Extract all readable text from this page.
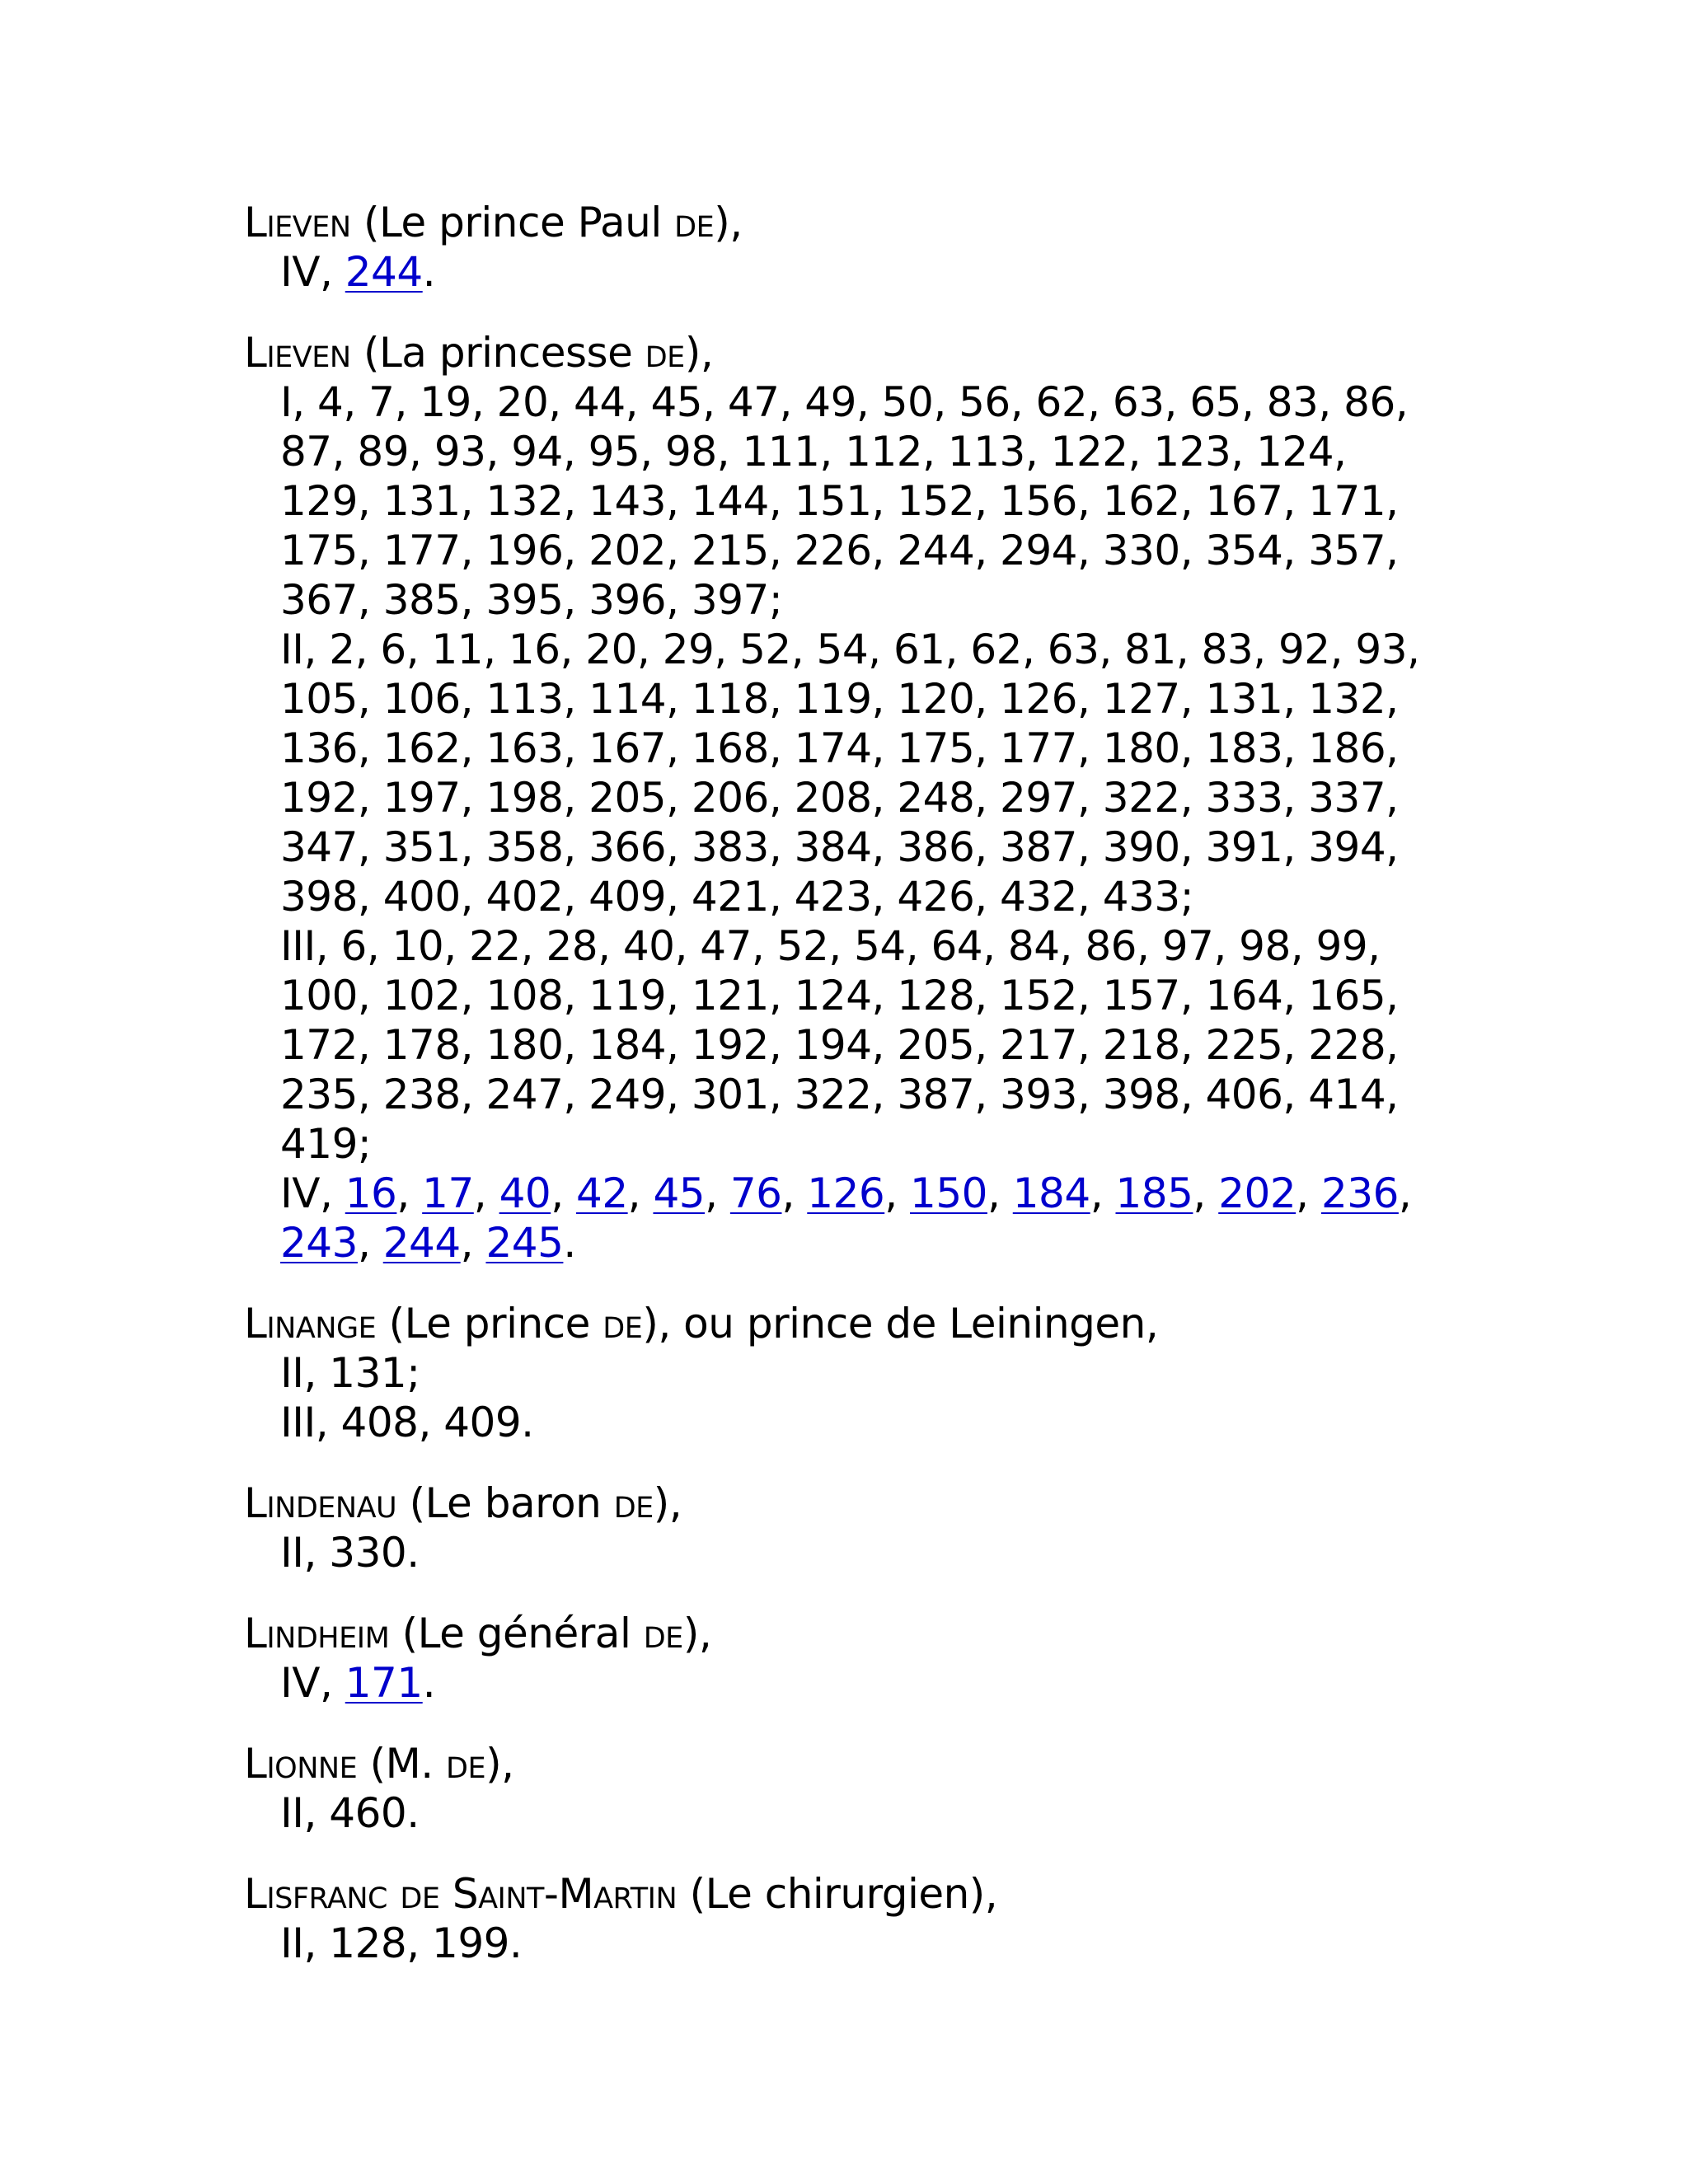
Lieven (Le prince Paul de),
IV, 244.
Lieven (La princesse de),
I, 4, 7, 19, 20, 44, 45, 47, 49, 50, 56, 62, 63, 65, 83, 86, 87, 89, 93, 94, 95, 98, 111, 112, 113, 122, 123, 124, 129, 131, 132, 143, 144, 151, 152, 156, 162, 167, 171, 175, 177, 196, 202, 215, 226, 244, 294, 330, 354, 357, 367, 385, 395, 396, 397;
II, 2, 6, 11, 16, 20, 29, 52, 54, 61, 62, 63, 81, 83, 92, 93, 105, 106, 113, 114, 118, 119, 120, 126, 127, 131, 132, 136, 162, 163, 167, 168, 174, 175, 177, 180, 183, 186, 192, 197, 198, 205, 206, 208, 248, 297, 322, 333, 337, 347, 351, 358, 366, 383, 384, 386, 387, 390, 391, 394, 398, 400, 402, 409, 421, 423, 426, 432, 433;
III, 6, 10, 22, 28, 40, 47, 52, 54, 64, 84, 86, 97, 98, 99, 100, 102, 108, 119, 121, 124, 128, 152, 157, 164, 165, 172, 178, 180, 184, 192, 194, 205, 217, 218, 225, 228, 235, 238, 247, 249, 301, 322, 387, 393, 398, 406, 414, 419;
IV, 16, 17, 40, 42, 45, 76, 126, 150, 184, 185, 202, 236, 243, 244, 245.
Linange (Le prince de), ou prince de Leiningen,
II, 131;
III, 408, 409.
Lindenau (Le baron de),
II, 330.
Lindheim (Le général de),
IV, 171.
Lionne (M. de),
II, 460.
Lisfranc de Saint-Martin (Le chirurgien),
II, 128, 199.
